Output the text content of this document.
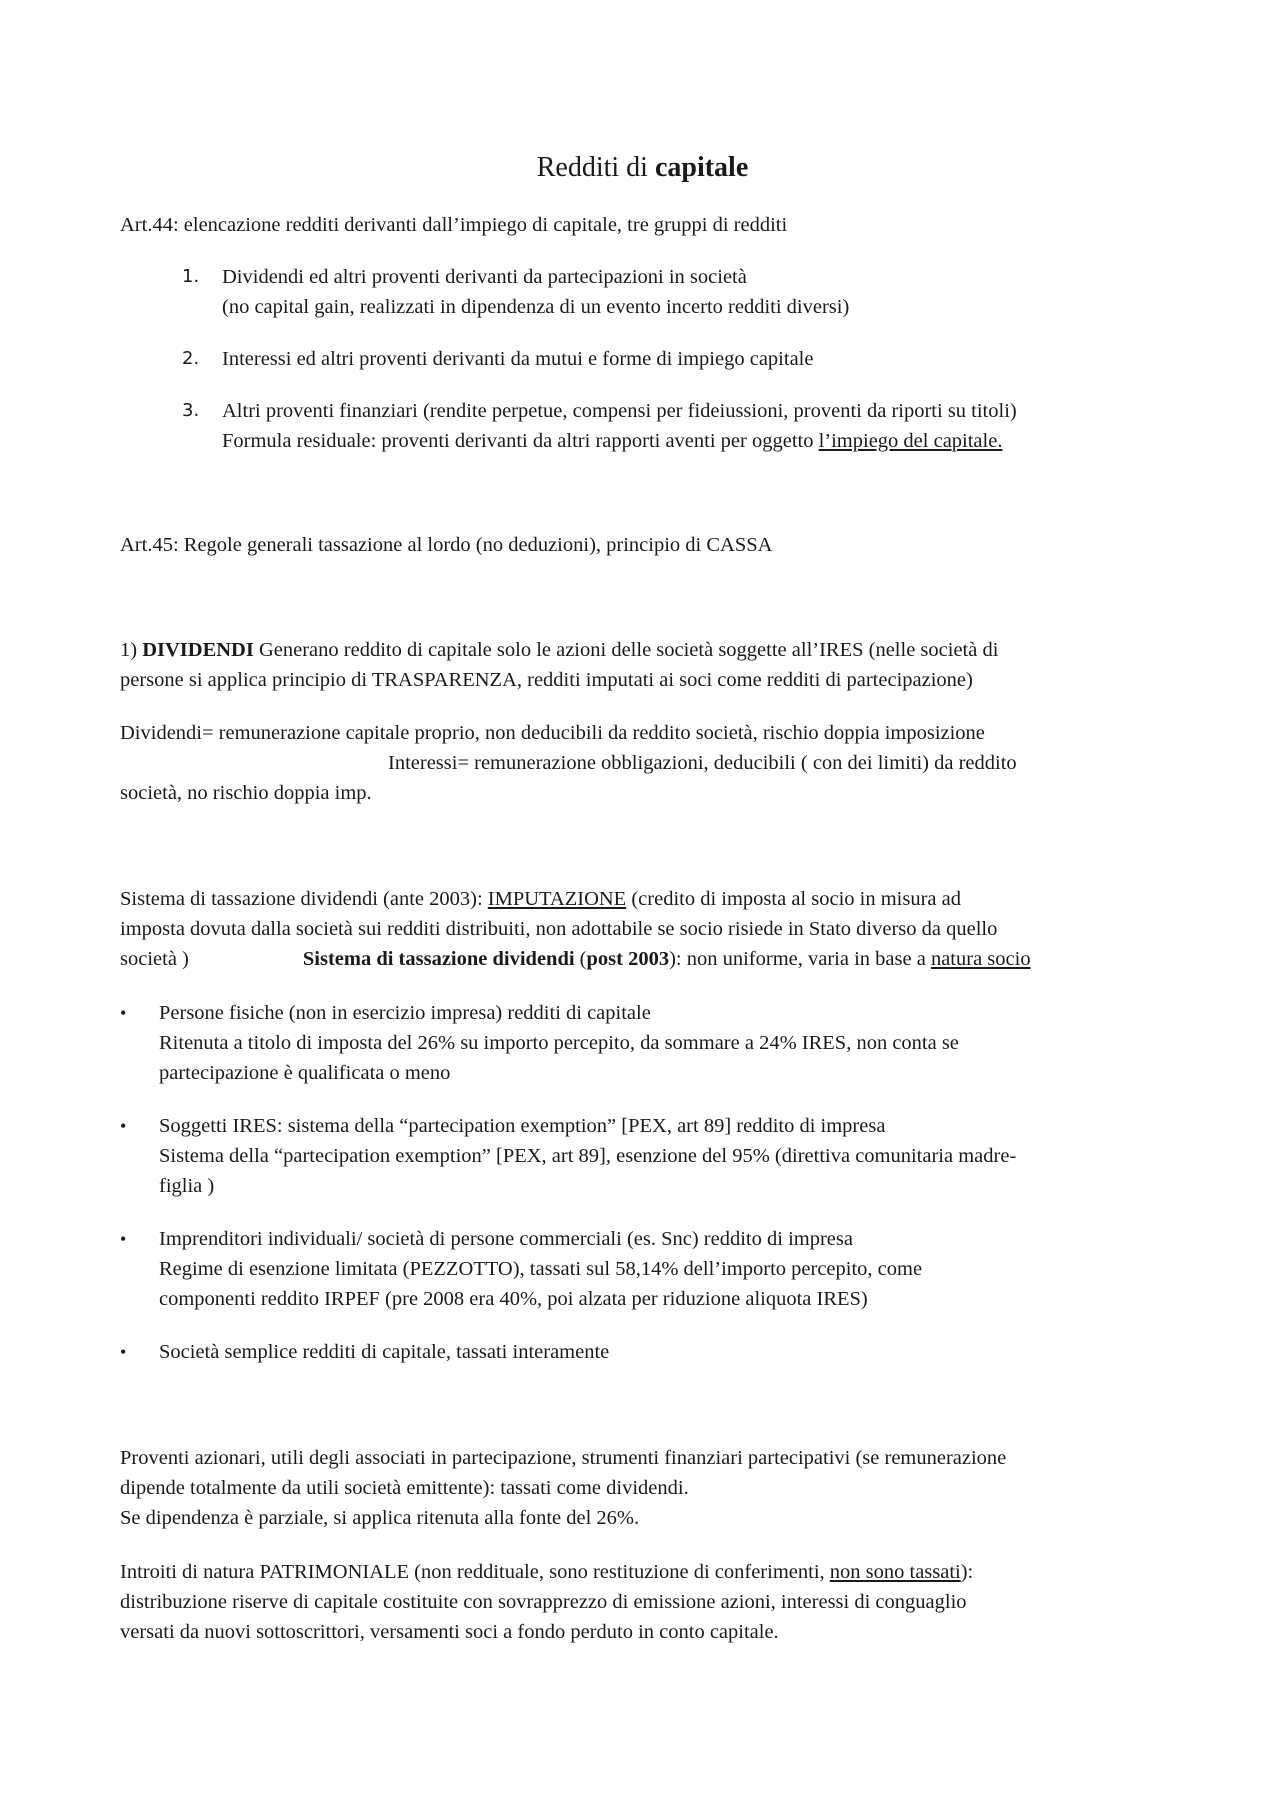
Redditi di capitale
Art.44: elencazione redditi derivanti dall’impiego di capitale, tre gruppi di redditi
1.	Dividendi ed altri proventi derivanti da partecipazioni in società
(no capital gain, realizzati in dipendenza di un evento incerto redditi diversi)
2.	Interessi ed altri proventi derivanti da mutui e forme di impiego capitale
3.	Altri proventi finanziari (rendite perpetue, compensi per fideiussioni, proventi da riporti su titoli)
Formula residuale: proventi derivanti da altri rapporti aventi per oggetto l’impiego del capitale.
Art.45: Regole generali tassazione al lordo (no deduzioni), principio di CASSA
1) DIVIDENDI Generano reddito di capitale solo le azioni delle società soggette all’IRES (nelle società di
persone si applica principio di TRASPARENZA, redditi imputati ai soci come redditi di partecipazione)
Dividendi= remunerazione capitale proprio, non deducibili da reddito società, rischio doppia imposizione
Interessi= remunerazione obbligazioni, deducibili ( con dei limiti) da reddito
società, no rischio doppia imp.
Sistema di tassazione dividendi (ante 2003): IMPUTAZIONE (credito di imposta al socio in misura ad
imposta dovuta dalla società sui redditi distribuiti, non adottabile se socio risiede in Stato diverso da quello
società )	Sistema di tassazione dividendi (post 2003): non uniforme, varia in base a natura socio
•	Persone fisiche (non in esercizio impresa) redditi di capitale
Ritenuta a titolo di imposta del 26% su importo percepito, da sommare a 24% IRES, non conta se
partecipazione è qualificata o meno
•	Soggetti IRES: sistema della “partecipation exemption” [PEX, art 89] reddito di impresa
Sistema della “partecipation exemption” [PEX, art 89], esenzione del 95% (direttiva comunitaria madre-
figlia )
•	Imprenditori individuali/ società di persone commerciali (es. Snc) reddito di impresa
Regime di esenzione limitata (PEZZOTTO), tassati sul 58,14% dell’importo percepito, come
componenti reddito IRPEF (pre 2008 era 40%, poi alzata per riduzione aliquota IRES)
•	Società semplice redditi di capitale, tassati interamente
Proventi azionari, utili degli associati in partecipazione, strumenti finanziari partecipativi (se remunerazione
dipende totalmente da utili società emittente): tassati come dividendi.
Se dipendenza è parziale, si applica ritenuta alla fonte del 26%.
Introiti di natura PATRIMONIALE (non reddituale, sono restituzione di conferimenti, non sono tassati):
distribuzione riserve di capitale costituite con sovrapprezzo di emissione azioni, interessi di conguaglio
versati da nuovi sottoscrittori, versamenti soci a fondo perduto in conto capitale.
